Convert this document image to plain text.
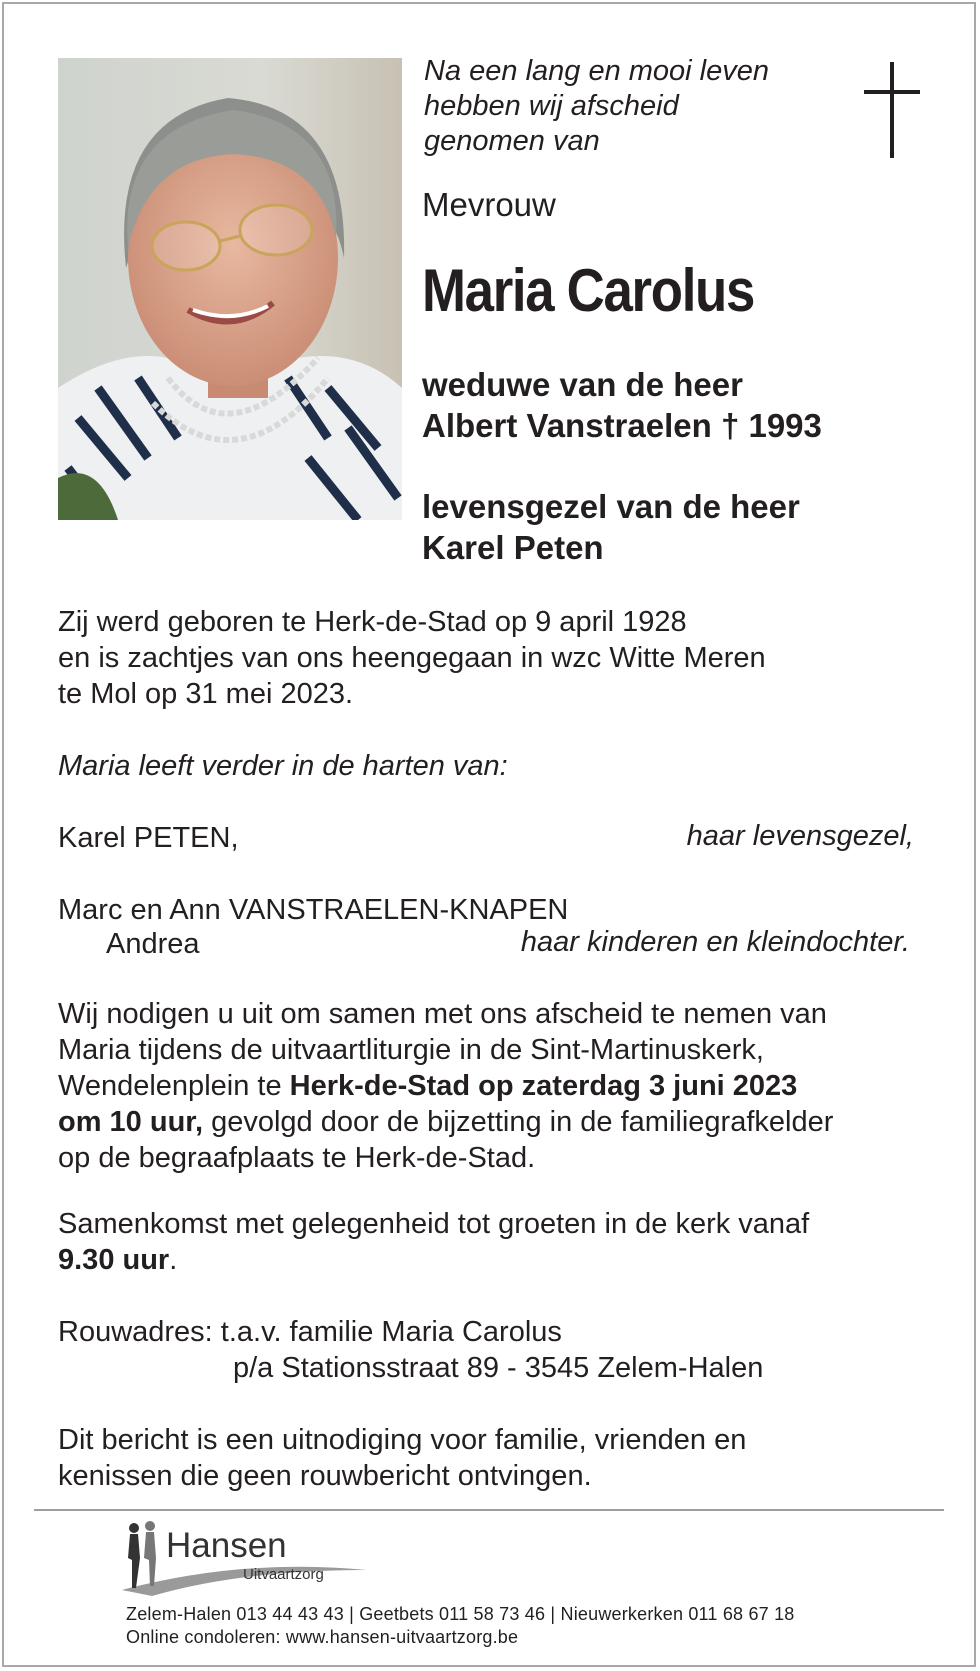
Na een lang en mooi leven
hebben wij afscheid
genomen van
Mevrouw
Maria Carolus
weduwe van de heer
Albert Vanstraelen † 1993
levensgezel van de heer
Karel Peten
Zij werd geboren te Herk-de-Stad op 9 april 1928
en is zachtjes van ons heengegaan in wzc Witte Meren
te Mol op 31 mei 2023.
Maria leeft verder in de harten van:
Karel PETEN,	haar levensgezel,
Marc en Ann VANSTRAELEN-KNAPEN
Andrea	haar kinderen en kleindochter.
Wij nodigen u uit om samen met ons afscheid te nemen van
Maria tijdens de uitvaartliturgie in de Sint-Martinuskerk,
Wendelenplein te Herk-de-Stad op zaterdag 3 juni 2023
om 10 uur, gevolgd door de bijzetting in de familiegrafkelder
op de begraafplaats te Herk-de-Stad.
Samenkomst met gelegenheid tot groeten in de kerk vanaf
9.30 uur.
Rouwadres: t.a.v. familie Maria Carolus
p/a Stationsstraat 89 - 3545 Zelem-Halen
Dit bericht is een uitnodiging voor familie, vrienden en
kenissen die geen rouwbericht ontvingen.
Hansen
Uitvaartzorg
Zelem-Halen 013 44 43 43 | Geetbets 011 58 73 46 | Nieuwerkerken 011 68 67 18
Online condoleren: www.hansen-uitvaartzorg.be
